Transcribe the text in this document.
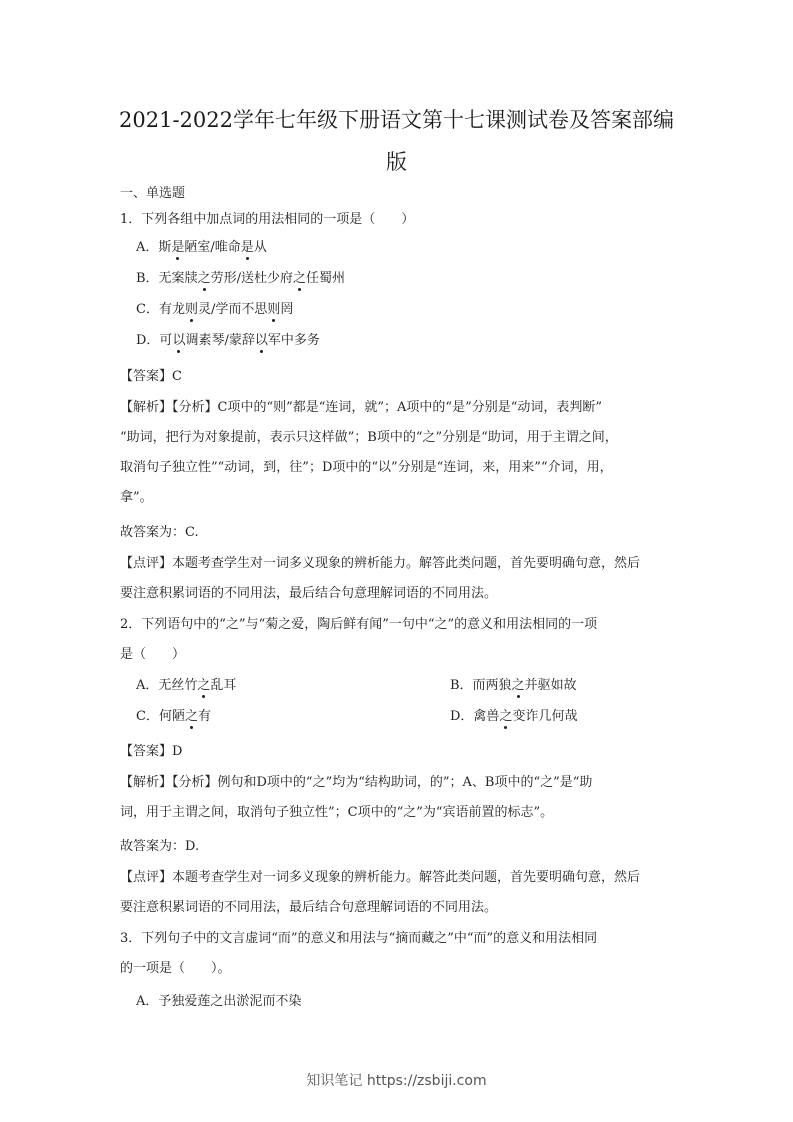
2021-2022学年七年级下册语文第十七课测试卷及答案部编
版
一、单选题
1．下列各组中加点词的用法相同的一项是（　　）
A．斯是陋室/唯命是从
B．无案牍之劳形/送杜少府之任蜀州
C．有龙则灵/学而不思则罔
D．可以调素琴/蒙辞以军中多务
【答案】C
【解析】【分析】C项中的“则”都是“连词，就”；A项中的“是”分别是“动词，表判断”
“助词，把行为对象提前，表示只这样做”；B项中的“之”分别是“助词，用于主谓之间，
取消句子独立性”“动词，到，往”；D项中的“以”分别是“连词，来，用来”“介词，用，
拿”。
故答案为：C.
【点评】本题考查学生对一词多义现象的辨析能力。解答此类问题，首先要明确句意，然后
要注意积累词语的不同用法，最后结合句意理解词语的不同用法。
2．下列语句中的“之”与“菊之爱，陶后鲜有闻”一句中“之”的意义和用法相同的一项
是（　　）
A．无丝竹之乱耳	B．而两狼之并驱如故
C．何陋之有	D．禽兽之变诈几何哉
【答案】D
【解析】【分析】例句和D项中的“之”均为“结构助词，的”；A、B项中的“之”是“助
词，用于主谓之间，取消句子独立性”；C项中的“之”为“宾语前置的标志”。
故答案为：D.
【点评】本题考查学生对一词多义现象的辨析能力。解答此类问题，首先要明确句意，然后
要注意积累词语的不同用法，最后结合句意理解词语的不同用法。
3．下列句子中的文言虚词“而”的意义和用法与“摘而藏之”中“而”的意义和用法相同
的一项是（　　）。
A．予独爱莲之出淤泥而不染
知识笔记 https://zsbiji.com
